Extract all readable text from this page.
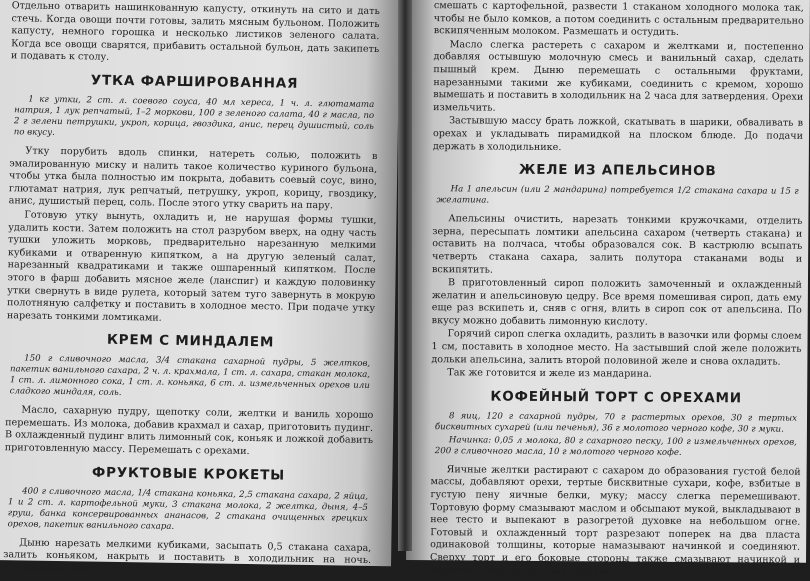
Отдельно отварить нашинкованную капусту, откинуть на сито и дать стечь. Когда овощи почти готовы, залить мясным бульоном. Положить капусту, немного горошка и несколько листиков зеленого салата. Когда все овощи сварятся, прибавить остальной бульон, дать закипеть и подавать к столу.

УТКА ФАРШИРОВАННАЯ

1 кг утки, 2 ст. л. соевого соуса, 40 мл хереса, 1 ч. л. глютамата натрия, 1 лук репчатый, 1–2 моркови, 100 г зеленого салата, 40 г масла, по 2 г зелени петрушки, укроп, корица, гвоздика, анис, перец душистый, соль по вкусу.

Утку порубить вдоль спинки, натереть солью, положить в эмалированную миску и налить такое количество куриного бульона, чтобы утка была полностью им покрыта, добавить соевый соус, вино, глютамат натрия, лук репчатый, петрушку, укроп, корицу, гвоздику, анис, душистый перец, соль. После этого утку сварить на пару.

Готовую утку вынуть, охладить и, не нарушая формы тушки, удалить кости. Затем положить на стол разрубом вверх, на одну часть тушки уложить морковь, предварительно нарезанную мелкими кубиками и отваренную кипятком, а на другую зеленый салат, нарезанный квадратиками и также ошпаренный кипятком. После этого в фарш добавить мясное желе (ланспиг) и каждую половинку утки свернуть в виде рулета, который затем туго завернуть в мокрую полотняную салфетку и поставить в холодное место. При подаче утку нарезать тонкими ломтиками.

КРЕМ С МИНДАЛЕМ

150 г сливочного масла, 3/4 стакана сахарной пудры, 5 желтков, пакетик ванильного сахара, 2 ч. л. крахмала, 1 ст. л. сахара, стакан молока, 1 ст. л. лимонного сока, 1 ст. л. коньяка, 6 ст. л. измельченных орехов или сладкого миндаля, соль.

Масло, сахарную пудру, щепотку соли, желтки и ваниль хорошо перемешать. Из молока, добавив крахмал и сахар, приготовить пудинг. В охлажденный пудинг влить лимонный сок, коньяк и ложкой добавить приготовленную массу. Перемешать с орехами.

ФРУКТОВЫЕ КРОКЕТЫ

400 г сливочного масла, 1/4 стакана коньяка, 2,5 стакана сахара, 2 яйца, 1 и 2 ст. л. картофельной муки, 3 стакана молока, 2 желтка, дыня, 4–5 груш, банка консервированных ананасов, 2 стакана очищенных грецких орехов, пакетик ванильного сахара.

Дыню нарезать мелкими кубиками, засыпать 0,5 стакана сахара, залить коньяком, накрыть и поставить в холодильник на ночь. Пшеничную муку

смешать с картофельной, развести 1 стаканом холодного молока так, чтобы не было комков, а потом соединить с остальным предварительно вскипяченным молоком. Размешать и остудить.

Масло слегка растереть с сахаром и желтками и, постепенно добавляя остывшую молочную смесь и ванильный сахар, сделать пышный крем. Дыню перемешать с остальными фруктами, нарезанными такими же кубиками, соединить с кремом, хорошо вымешать и поставить в холодильник на 2 часа для затвердения. Орехи измельчить.

Застывшую массу брать ложкой, скатывать в шарики, обваливать в орехах и укладывать пирамидкой на плоском блюде. До подачи держать в холодильнике.

ЖЕЛЕ ИЗ АПЕЛЬСИНОВ

На 1 апельсин (или 2 мандарина) потребуется 1/2 стакана сахара и 15 г желатина.

Апельсины очистить, нарезать тонкими кружочками, отделить зерна, пересыпать ломтики апельсина сахаром (четверть стакана) и оставить на полчаса, чтобы образовался сок. В кастрюлю всыпать четверть стакана сахара, залить полутора стаканами воды и вскипятить.

В приготовленный сироп положить замоченный и охлажденный желатин и апельсиновую цедру. Все время помешивая сироп, дать ему еще раз вскипеть и, сняв с огня, влить в сироп сок от апельсина. По вкусу можно добавить лимонную кислоту.

Горячий сироп слегка охладить, разлить в вазочки или формы слоем 1 см, поставить в холодное место. На застывший слой желе положить дольки апельсина, залить второй половиной желе и снова охладить.

Так же готовится и желе из мандарина.

КОФЕЙНЫЙ ТОРТ С ОРЕХАМИ

8 яиц, 120 г сахарной пудры, 70 г растертых орехов, 30 г тертых бисквитных сухарей (или печенья), 36 г молотого черного кофе, 30 г муки.

Начинка: 0,05 л молока, 80 г сахарного песку, 100 г измельченных орехов, 200 г сливочного масла, 10 г молотого черного кофе.

Яичные желтки растирают с сахаром до образования густой белой массы, добавляют орехи, тертые бисквитные сухари, кофе, взбитые в густую пену яичные белки, муку; массу слегка перемешивают. Тортовую форму смазывают маслом и обсыпают мукой, выкладывают в нее тесто и выпекают в разогретой духовке на небольшом огне. Готовый и охлажденный торт разрезают поперек на два пласта одинаковой толщины, которые намазывают начинкой и соединяют. Сверху торт и его боковые стороны также смазывают начинкой и украшают измельченными орехами.
